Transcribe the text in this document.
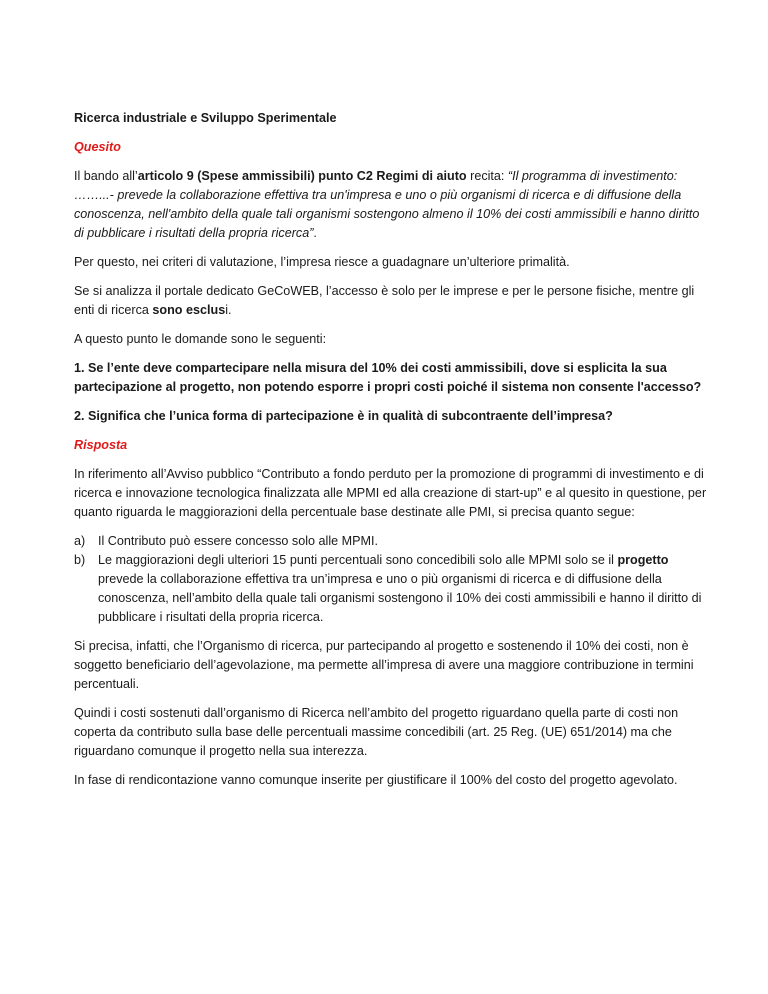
Ricerca industriale e Sviluppo Sperimentale

Quesito

Il bando all’articolo 9 (Spese ammissibili) punto C2 Regimi di aiuto recita: “Il programma di investimento: ……...- prevede la collaborazione effettiva tra un'impresa e uno o più organismi di ricerca e di diffusione della conoscenza, nell'ambito della quale tali organismi sostengono almeno il 10% dei costi ammissibili e hanno diritto di pubblicare i risultati della propria ricerca”.

Per questo, nei criteri di valutazione, l’impresa riesce a guadagnare un’ulteriore primalità.

Se si analizza il portale dedicato GeCoWEB, l’accesso è solo per le imprese e per le persone fisiche, mentre gli enti di ricerca sono esclusi.

A questo punto le domande sono le seguenti:

1. Se l’ente deve compartecipare nella misura del 10% dei costi ammissibili, dove si esplicita la sua partecipazione al progetto, non potendo esporre i propri costi poiché il sistema non consente l'accesso?

2. Significa che l’unica forma di partecipazione è in qualità di subcontraente dell’impresa?

Risposta

In riferimento all’Avviso pubblico “Contributo a fondo perduto per la promozione di programmi di investimento e di ricerca e innovazione tecnologica finalizzata alle MPMI ed alla creazione di start-up” e al quesito in questione, per quanto riguarda le maggiorazioni della percentuale base destinate alle PMI, si precisa quanto segue:

a) Il Contributo può essere concesso solo alle MPMI.
b) Le maggiorazioni degli ulteriori 15 punti percentuali sono concedibili solo alle MPMI solo se il progetto prevede la collaborazione effettiva tra un’impresa e uno o più organismi di ricerca e di diffusione della conoscenza, nell’ambito della quale tali organismi sostengono il 10% dei costi ammissibili e hanno il diritto di pubblicare i risultati della propria ricerca.

Si precisa, infatti, che l’Organismo di ricerca, pur partecipando al progetto e sostenendo il 10% dei costi, non è soggetto beneficiario dell’agevolazione, ma permette all’impresa di avere una maggiore contribuzione in termini percentuali.

Quindi i costi sostenuti dall’organismo di Ricerca nell’ambito del progetto riguardano quella parte di costi non coperta da contributo sulla base delle percentuali massime concedibili (art. 25 Reg. (UE) 651/2014) ma che riguardano comunque il progetto nella sua interezza.

In fase di rendicontazione vanno comunque inserite per giustificare il 100% del costo del progetto agevolato.
